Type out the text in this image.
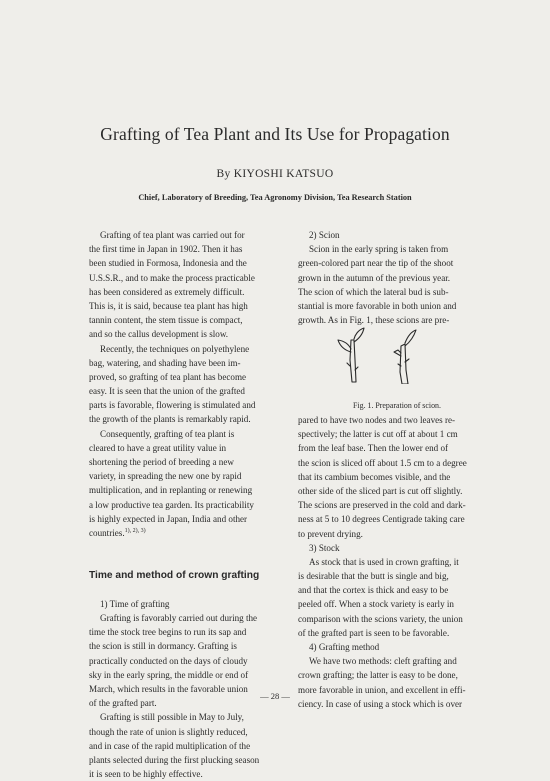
Grafting of Tea Plant and Its Use for Propagation
By KIYOSHI KATSUO
Chief, Laboratory of Breeding, Tea Agronomy Division, Tea Research Station
Grafting of tea plant was carried out for
the first time in Japan in 1902. Then it has
been studied in Formosa, Indonesia and the
U.S.S.R., and to make the process practicable
has been considered as extremely difficult.
This is, it is said, because tea plant has high
tannin content, the stem tissue is compact,
and so the callus development is slow.
Recently, the techniques on polyethylene
bag, watering, and shading have been im-
proved, so grafting of tea plant has become
easy. It is seen that the union of the grafted
parts is favorable, flowering is stimulated and
the growth of the plants is remarkably rapid.
Consequently, grafting of tea plant is
cleared to have a great utility value in
shortening the period of breeding a new
variety, in spreading the new one by rapid
multiplication, and in replanting or renewing
a low productive tea garden. Its practicability
is highly expected in Japan, India and other
countries.$^{1), 2), 3)}$
Time and method of crown grafting
1) Time of grafting
Grafting is favorably carried out during the
time the stock tree begins to run its sap and
the scion is still in dormancy. Grafting is
practically conducted on the days of cloudy
sky in the early spring, the middle or end of
March, which results in the favorable union
of the grafted part.
Grafting is still possible in May to July,
though the rate of union is slightly reduced,
and in case of the rapid multiplication of the
plants selected during the first plucking season
it is seen to be highly effective.
2) Scion
Scion in the early spring is taken from
green-colored part near the tip of the shoot
grown in the autumn of the previous year.
The scion of which the lateral bud is sub-
stantial is more favorable in both union and
growth. As in Fig. 1, these scions are pre-
Fig. 1. Preparation of scion.
pared to have two nodes and two leaves re-
spectively; the latter is cut off at about 1 cm
from the leaf base. Then the lower end of
the scion is sliced off about 1.5 cm to a degree
that its cambium becomes visible, and the
other side of the sliced part is cut off slightly.
The scions are preserved in the cold and dark-
ness at 5 to 10 degrees Centigrade taking care
to prevent drying.
3) Stock
As stock that is used in crown grafting, it
is desirable that the butt is single and big,
and that the cortex is thick and easy to be
peeled off. When a stock variety is early in
comparison with the scions variety, the union
of the grafted part is seen to be favorable.
4) Grafting method
We have two methods: cleft grafting and
crown grafting; the latter is easy to be done,
more favorable in union, and excellent in effi-
ciency. In case of using a stock which is over
— 28 —
